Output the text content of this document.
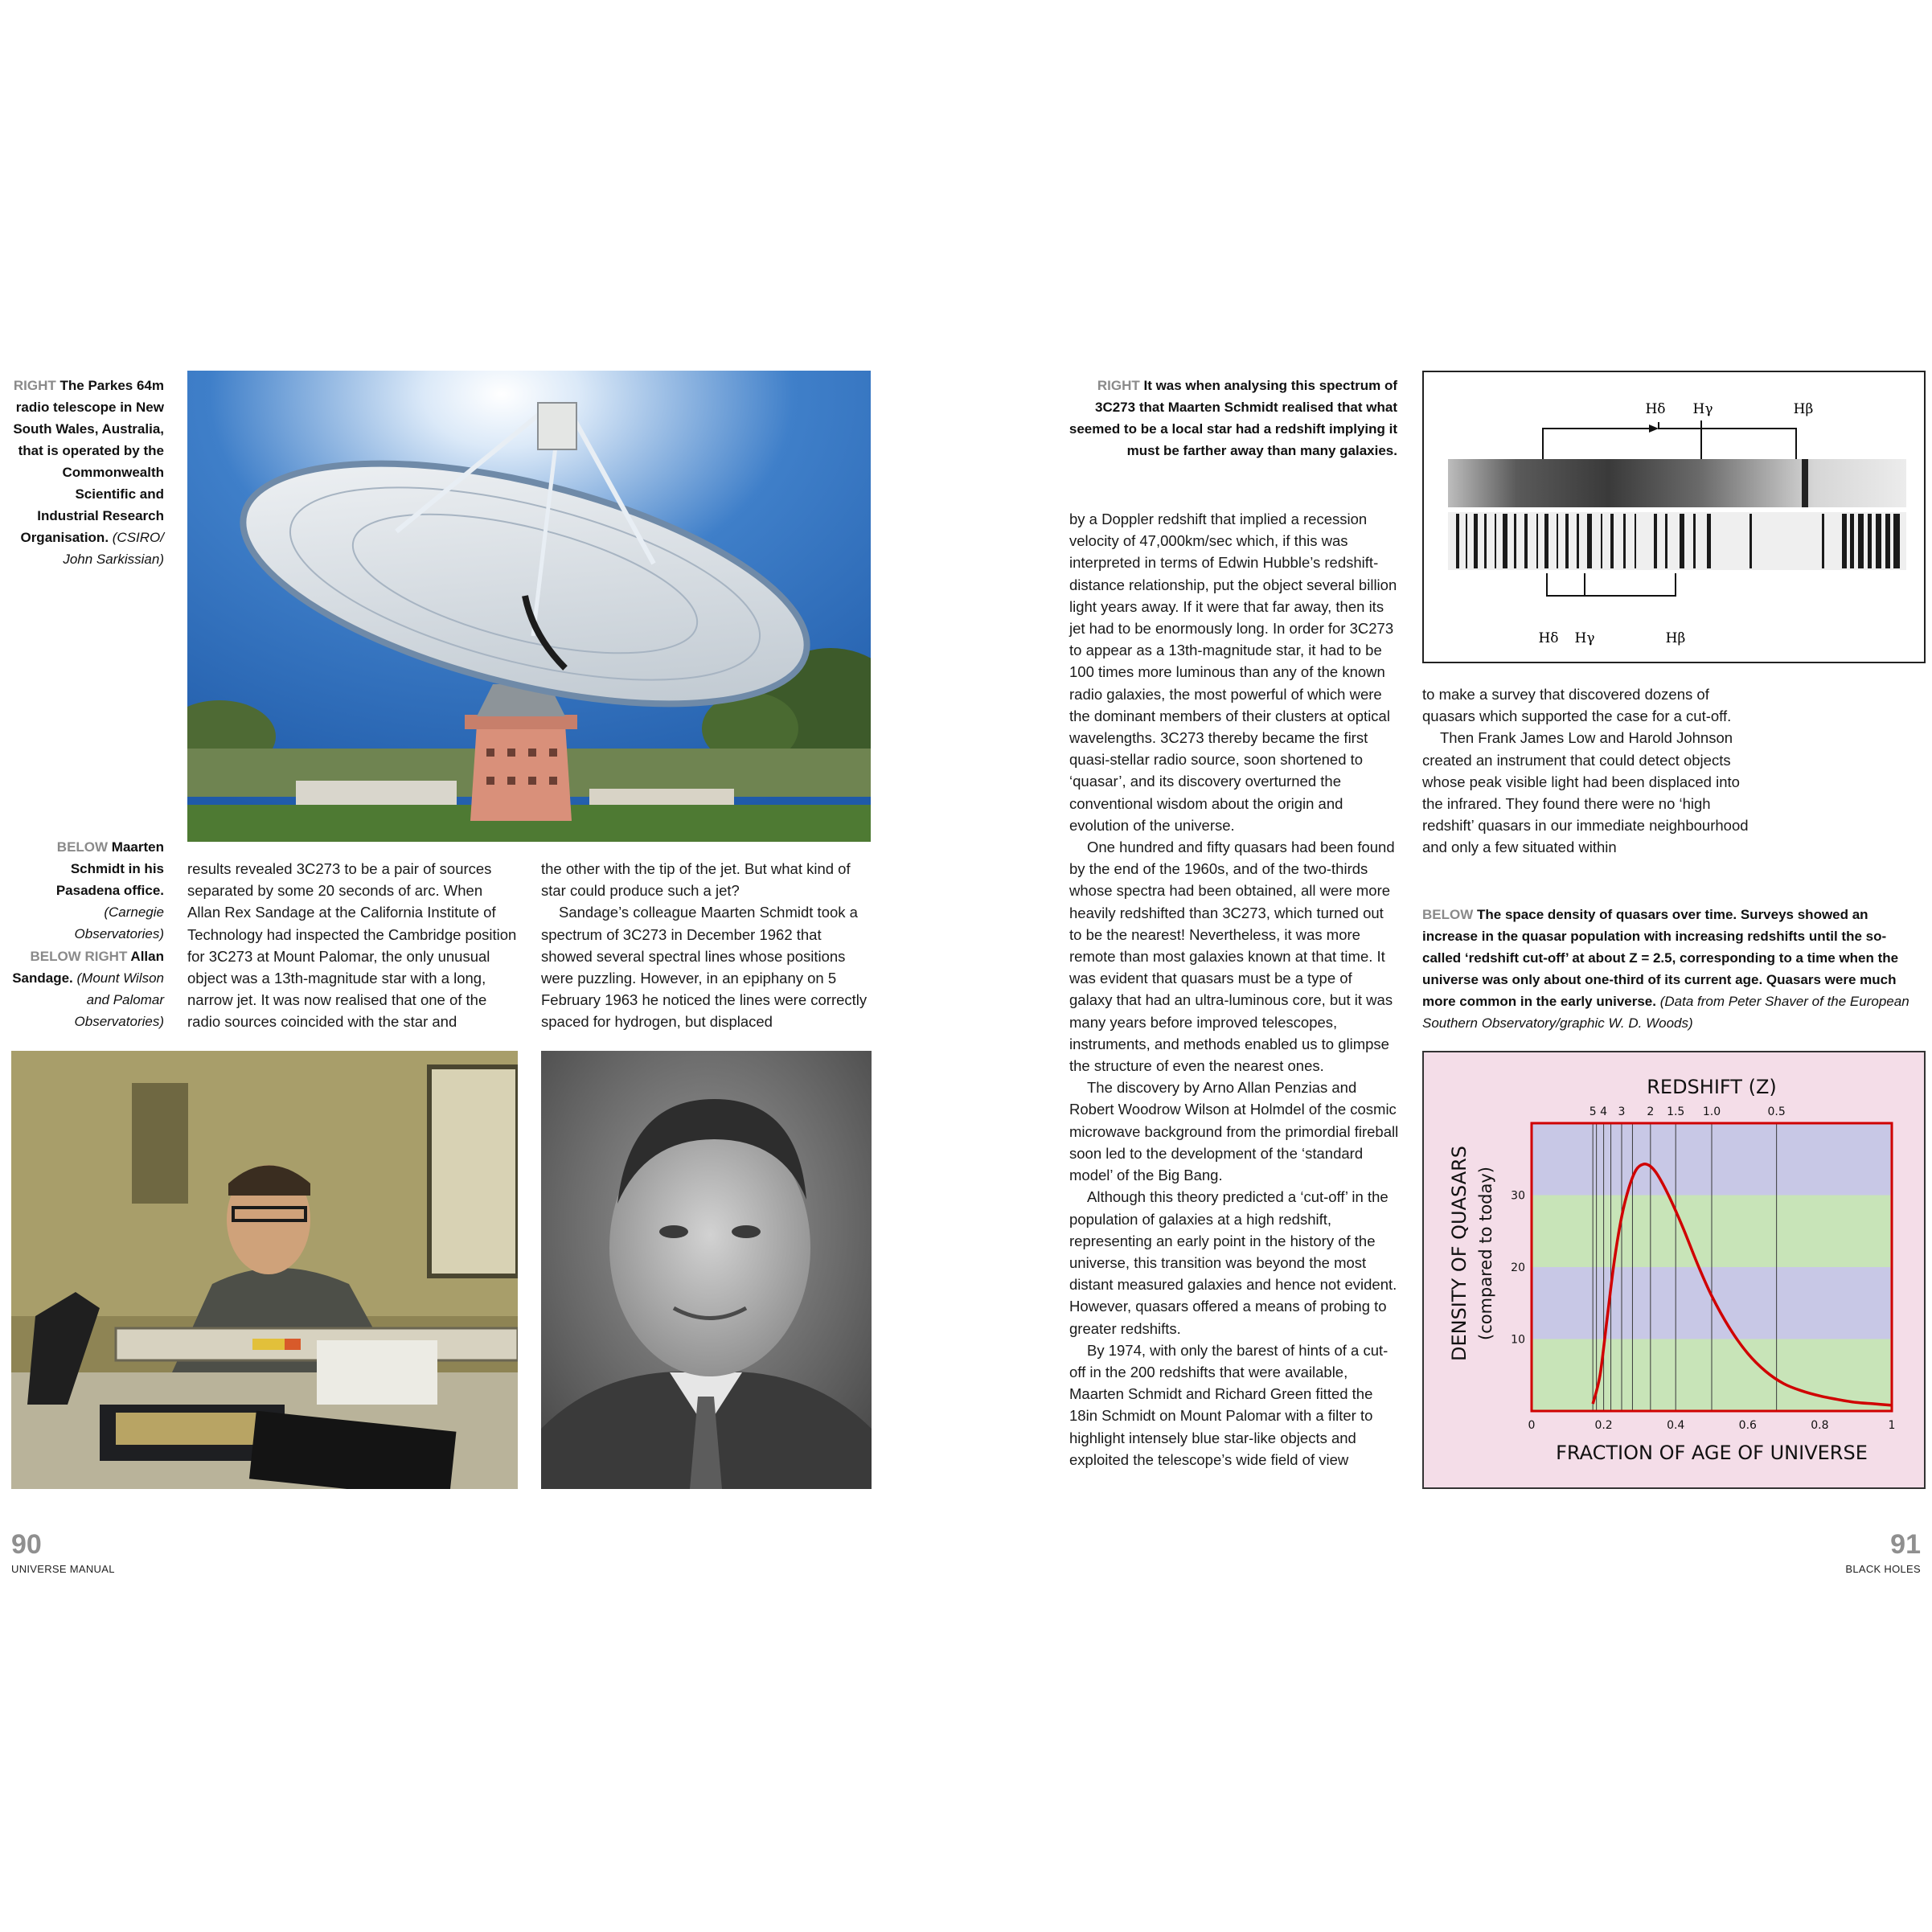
RIGHT The Parkes 64m radio telescope in New South Wales, Australia, that is operated by the Commonwealth Scientific and Industrial Research Organisation. (CSIRO/ John Sarkissian)
BELOW Maarten Schmidt in his Pasadena office. (Carnegie Observatories)
BELOW RIGHT Allan Sandage. (Mount Wilson and Palomar Observatories)

results revealed 3C273 to be a pair of sources separated by some 20 seconds of arc. When Allan Rex Sandage at the California Institute of Technology had inspected the Cambridge position for 3C273 at Mount Palomar, the only unusual object was a 13th-magnitude star with a long, narrow jet. It was now realised that one of the radio sources coincided with the star and

the other with the tip of the jet. But what kind of star could produce such a jet?

Sandage’s colleague Maarten Schmidt took a spectrum of 3C273 in December 1962 that showed several spectral lines whose positions were puzzling. However, in an epiphany on 5 February 1963 he noticed the lines were correctly spaced for hydrogen, but displaced

90
UNIVERSE MANUAL
RIGHT It was when analysing this spectrum of 3C273 that Maarten Schmidt realised that what seemed to be a local star had a redshift implying it must be farther away than many galaxies.
Hδ Hγ	Hβ
Hδ Hγ	Hβ

by a Doppler redshift that implied a recession velocity of 47,000km/sec which, if this was interpreted in terms of Edwin Hubble’s redshift-distance relationship, put the object several billion light years away. If it were that far away, then its jet had to be enormously long. In order for 3C273 to appear as a 13th-magnitude star, it had to be 100 times more luminous than any of the known radio galaxies, the most powerful of which were the dominant members of their clusters at optical wavelengths. 3C273 thereby became the first quasi-stellar radio source, soon shortened to ‘quasar’, and its discovery overturned the conventional wisdom about the origin and evolution of the universe.

One hundred and fifty quasars had been found by the end of the 1960s, and of the two-thirds whose spectra had been obtained, all were more heavily redshifted than 3C273, which turned out to be the nearest! Nevertheless, it was more remote than most galaxies known at that time. It was evident that quasars must be a type of galaxy that had an ultra-luminous core, but it was many years before improved telescopes, instruments, and methods enabled us to glimpse the structure of even the nearest ones.

The discovery by Arno Allan Penzias and Robert Woodrow Wilson at Holmdel of the cosmic microwave background from the primordial fireball soon led to the development of the ‘standard model’ of the Big Bang.

Although this theory predicted a ‘cut-off’ in the population of galaxies at a high redshift, representing an early point in the history of the universe, this transition was beyond the most distant measured galaxies and hence not evident. However, quasars offered a means of probing to greater redshifts.

By 1974, with only the barest of hints of a cut-off in the 200 redshifts that were available, Maarten Schmidt and Richard Green fitted the 18in Schmidt on Mount Palomar with a filter to highlight intensely blue star-like objects and exploited the telescope’s wide field of view

to make a survey that discovered dozens of quasars which supported the case for a cut-off.

Then Frank James Low and Harold Johnson created an instrument that could detect objects whose peak visible light had been displaced into the infrared. They found there were no ‘high redshift’ quasars in our immediate neighbourhood and only a few situated within

BELOW The space density of quasars over time. Surveys showed an increase in the quasar population with increasing redshifts until the so-called ‘redshift cut-off’ at about Z = 2.5, corresponding to a time when the universe was only about one-third of its current age. Quasars were much more common in the early universe. (Data from Peter Shaver of the European Southern Observatory/graphic W. D. Woods)
5 4 3 2 1.5 1.0	0.5
10
20
30
0	0.2	0.4	0.6	0.8	1
REDSHIFT (Z)
FRACTION OF AGE OF UNIVERSE
DENSITY OF QUASARS (compared to today)
91
BLACK HOLES
